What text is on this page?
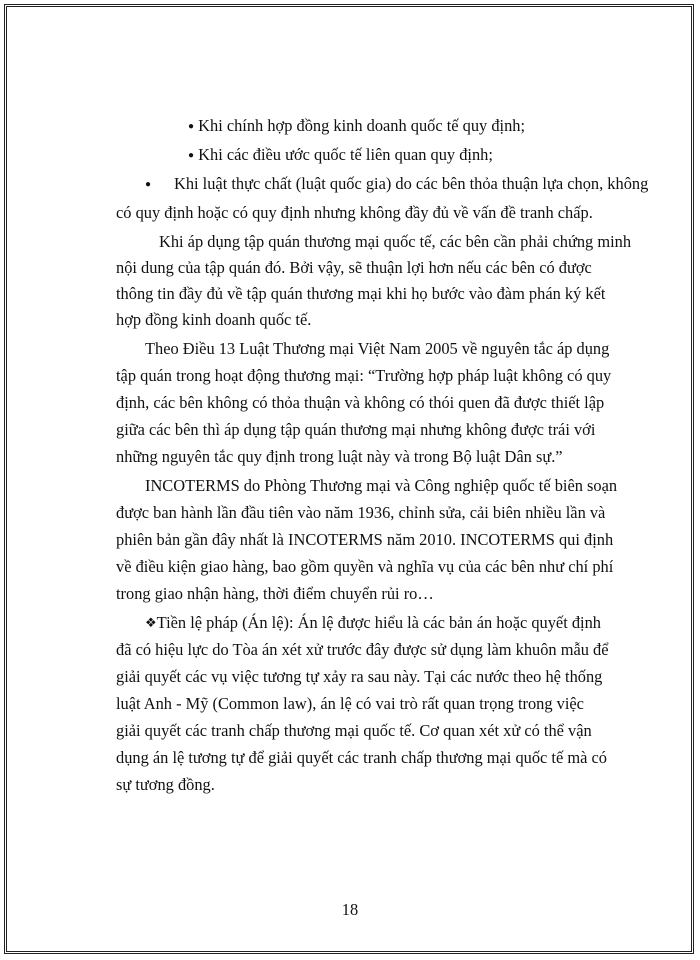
● Khi chính hợp đồng kinh doanh quốc tế quy định;
● Khi các điều ước quốc tế liên quan quy định;
● Khi luật thực chất (luật quốc gia) do các bên thỏa thuận lựa chọn, không
có quy định hoặc có quy định nhưng không đầy đủ về vấn đề tranh chấp.
Khi áp dụng tập quán thương mại quốc tế, các bên cần phải chứng minh
nội dung của tập quán đó. Bởi vậy, sẽ thuận lợi hơn nếu các bên có được
thông tin đầy đủ về tập quán thương mại khi họ bước vào đàm phán ký kết
hợp đồng kinh doanh quốc tế.
Theo Điều 13 Luật Thương mại Việt Nam 2005 về nguyên tắc áp dụng
tập quán trong hoạt động thương mại: “Trường hợp pháp luật không có quy
định, các bên không có thỏa thuận và không có thói quen đã được thiết lập
giữa các bên thì áp dụng tập quán thương mại nhưng không được trái với
những nguyên tắc quy định trong luật này và trong Bộ luật Dân sự.”
INCOTERMS do Phòng Thương mại và Công nghiệp quốc tế biên soạn
được ban hành lần đầu tiên vào năm 1936, chỉnh sửa, cải biên nhiều lần và
phiên bản gần đây nhất là INCOTERMS năm 2010. INCOTERMS qui định
về điều kiện giao hàng, bao gồm quyền và nghĩa vụ của các bên như chí phí
trong giao nhận hàng, thời điểm chuyển rủi ro…
❖Tiền lệ pháp (Án lệ): Án lệ được hiểu là các bản án hoặc quyết định
đã có hiệu lực do Tòa án xét xử trước đây được sử dụng làm khuôn mẫu để
giải quyết các vụ việc tương tự xảy ra sau này. Tại các nước theo hệ thống
luật Anh - Mỹ (Common law), án lệ có vai trò rất quan trọng trong việc
giải quyết các tranh chấp thương mại quốc tế. Cơ quan xét xử có thể vận
dụng án lệ tương tự để giải quyết các tranh chấp thương mại quốc tế mà có
sự tương đồng.
18
